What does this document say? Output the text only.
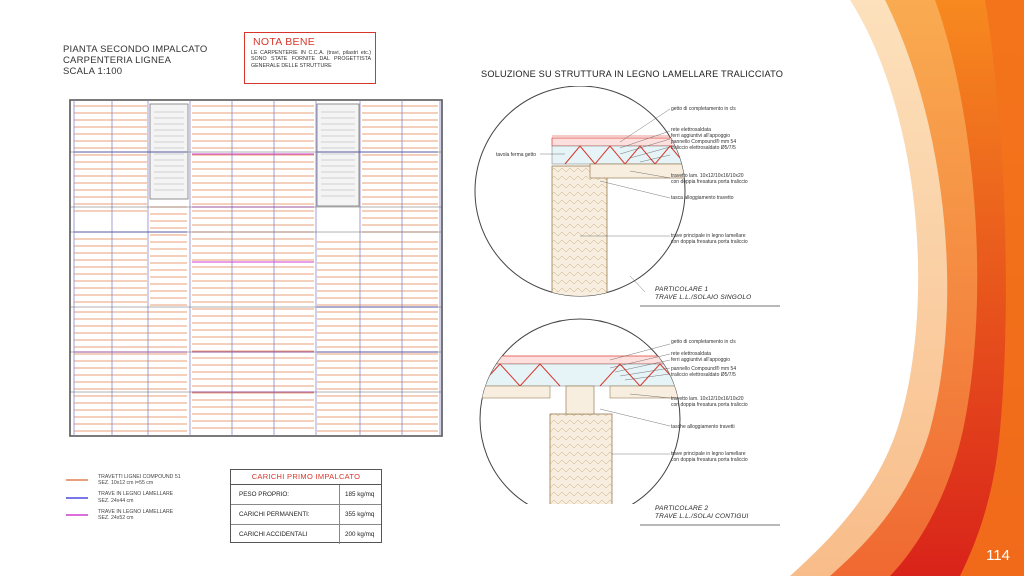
PIANTA SECONDO IMPALCATO
CARPENTERIA LIGNEA
SCALA 1:100
NOTA BENE
LE CARPENTERIE IN C.C.A. (travi, pilastri etc.) SONO STATE FORNITE DAL PROGETTISTA GENERALE DELLE STRUTTURE
TRAVETTI LIGNEI COMPOUND 51
SEZ. 10x12 cm i=55 cm
TRAVE IN LEGNO LAMELLARE
SEZ. 24x44 cm
TRAVE IN LEGNO LAMELLARE
SEZ. 24x52 cm
CARICHI PRIMO IMPALCATO
PESO PROPRIO:	185 kg/mq
CARICHI PERMANENTI:	355 kg/mq
CARICHI ACCIDENTALI	200 kg/mq
SOLUZIONE SU STRUTTURA IN LEGNO LAMELLARE TRALICCIATO
tavola ferma getto
getto di completamento in cls
rete elettrosaldata
ferri aggiuntivi all'appoggio
pannello Compound® mm 54
traliccio elettrosaldato Ø5/7/5
travetto lam. 10x12/10x16/10x20
con doppia fresatura porta traliccio
tasca alloggiamento travetto
trave principale in legno lamellare
con doppia fresatura porta traliccio
PARTICOLARE 1
TRAVE L.L./SOLAIO SINGOLO
getto di completamento in cls
rete elettrosaldata
ferri aggiuntivi all'appoggio
pannello Compound® mm 54
traliccio elettrosaldato Ø5/7/5
travetto lam. 10x12/10x16/10x20
con doppia fresatura porta traliccio
tasche alloggiamento travetti
trave principale in legno lamellare
con doppia fresatura porta traliccio
PARTICOLARE 2
TRAVE L.L./SOLAI CONTIGUI
114
